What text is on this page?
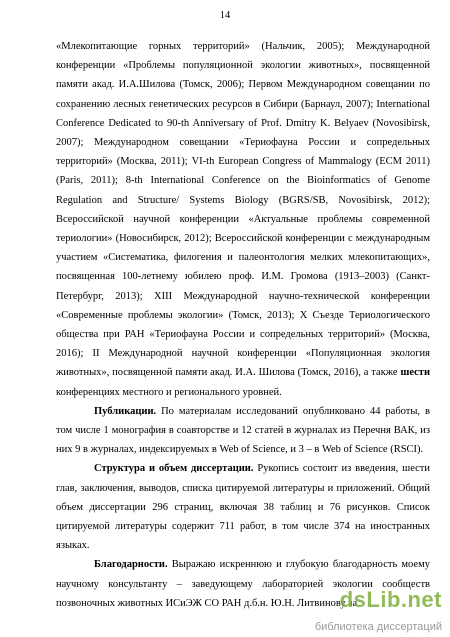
14

«Млекопитающие горных территорий» (Нальчик, 2005); Международной конференции «Проблемы популяционной экологии животных», посвященной памяти акад. И.А.Шилова (Томск, 2006); Первом Международном совещании по сохранению лесных генетических ресурсов в Сибири (Барнаул, 2007); International Conference Dedicated to 90-th Anniversary of Prof. Dmitry K. Belyaev (Novosibirsk, 2007); Международном совещании «Териофауна России и сопредельных территорий» (Москва, 2011); VI-th European Congress of Mammalogy (ECM 2011) (Paris, 2011); 8-th International Conference on the Bioinformatics of Genome Regulation and Structure/ Systems Biology (BGRS/SB, Novosibirsk, 2012); Всероссийской научной конференции «Актуальные проблемы современной териологии» (Новосибирск, 2012); Всероссийской конференции с международным участием «Систематика, филогения и палеонтология мелких млекопитающих», посвященная 100-летнему юбилею проф. И.М. Громова (1913–2003) (Санкт-Петербург, 2013); XIII Международной научно-технической конференции «Современные проблемы экологии» (Томск, 2013); X Съезде Териологического общества при РАН «Териофауна России и сопредельных территорий» (Москва, 2016); II Международной научной конференции «Популяционная экология животных», посвященной памяти акад. И.А. Шилова (Томск, 2016), а также шести конференциях местного и регионального уровней.

Публикации. По материалам исследований опубликовано 44 работы, в том числе 1 монография в соавторстве и 12 статей в журналах из Перечня ВАК, из них 9 в журналах, индексируемых в Web of Science, и 3 – в Web of Science (RSCI).

Структура и объем диссертации. Рукопись состоит из введения, шести глав, заключения, выводов, списка цитируемой литературы и приложений. Общий объем диссертации 296 страниц, включая 38 таблиц и 76 рисунков. Список цитируемой литературы содержит 711 работ, в том числе 374 на иностранных языках.

Благодарности. Выражаю искреннюю и глубокую благодарность моему научному консультанту – заведующему лабораторией экологии сообществ позвоночных животных ИСиЭЖ СО РАН д.б.н. Ю.Н. Литвинову за

dsLib.net
библиотека диссертаций
